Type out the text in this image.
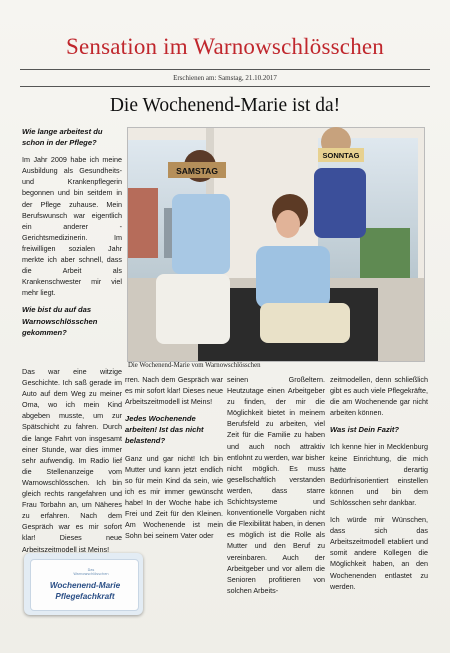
Sensation im Warnowschlösschen
Erschienen am: Samstag, 21.10.2017
Die Wochenend-Marie ist da!
Wie lange arbeitest du schon in der Pflege?
Im Jahr 2009 habe ich meine Ausbildung als Gesundheits- und Krankenpflegerin begonnen und bin seitdem in der Pflege zuhause. Mein Berufswunsch war eigentlich ein anderer - Gerichtsmedizinerin. Im freiwilligen sozialen Jahr merkte ich aber schnell, dass die Arbeit als Krankenschwester mir viel mehr liegt.
Wie bist du auf das Warnowschlösschen gekommen?
SAMSTAG
SONNTAG
Die Wochenend-Marie vom Warnowschlösschen
Das war eine witzige Geschichte. Ich saß gerade im Auto auf dem Weg zu meiner Oma, wo ich mein Kind abgeben musste, um zur Spätschicht zu fahren. Durch die lange Fahrt von insgesamt einer Stunde, war dies immer sehr aufwendig. Im Radio lief die Stellenanzeige vom Warnowschlösschen. Ich bin gleich rechts rangefahren und Frau Torbahn an, um Näheres zu erfahren. Nach dem Gespräch war es mir sofort klar! Dieses neue Arbeitszeitmodell ist Meins!
rren. Nach dem Gespräch war es mir sofort klar! Dieses neue Arbeitszeitmodell ist Meins!
Jedes Wochenende arbeiten! Ist das nicht belastend?
Ganz und gar nicht! Ich bin Mutter und kann jetzt endlich so für mein Kind da sein, wie ich es mir immer gewünscht habe! In der Woche habe ich Frei und Zeit für den Kleinen. Am Wochenende ist mein Sohn bei seinem Vater oder
seinen Großeltern. Heutzutage einen Arbeitgeber zu finden, der mir die Möglichkeit bietet in meinem Berufsfeld zu arbeiten, viel Zeit für die Familie zu haben und auch noch attraktiv entlohnt zu werden, war bisher nicht möglich. Es muss gesellschaftlich verstanden werden, dass starre Schichtsysteme und konventionelle Vorgaben nicht die Flexibilität haben, in denen es möglich ist die Rolle als Mutter und den Beruf zu vereinbaren. Auch der Arbeitgeber und vor allem die Senioren profitieren von solchen Arbeits-
zeitmodellen, denn schließlich gibt es auch viele Pflegekräfte, die am Wochenende gar nicht arbeiten können.
Was ist Dein Fazit?
Ich kenne hier in Mecklenburg keine Einrichtung, die mich hätte derartig Bedürfnisorientiert einstellen können und bin dem Schlösschen sehr dankbar.
Ich würde mir Wünschen, dass sich das Arbeitszeitmodell etabliert und somit andere Kollegen die Möglichkeit haben, an den Wochenenden entlastet zu werden.
Das Warnowschlösschen
Wochenend-Marie
Pflegefachkraft
